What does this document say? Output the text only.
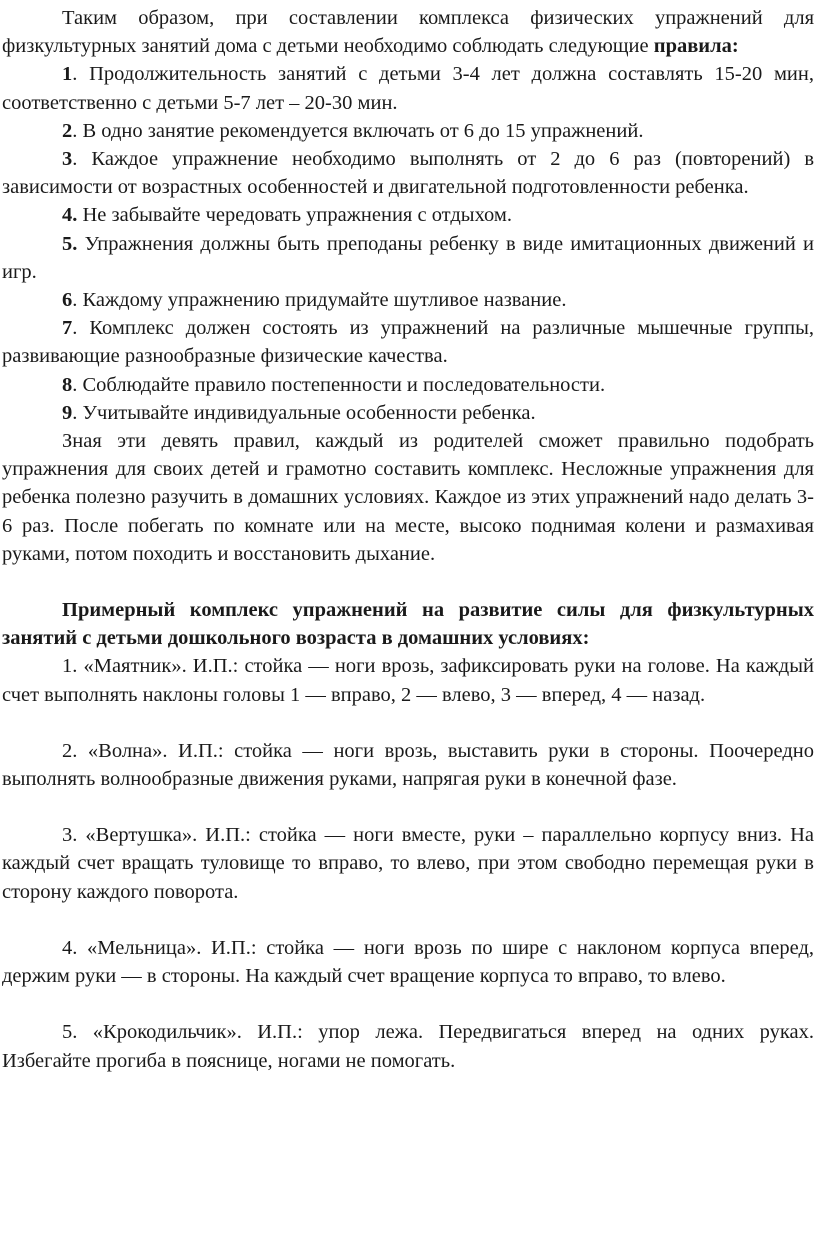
Таким образом, при составлении комплекса физических упражнений для физкультурных занятий дома с детьми необходимо соблюдать следующие правила:

1. Продолжительность занятий с детьми 3-4 лет должна составлять 15-20 мин, соответственно с детьми 5-7 лет – 20-30 мин.

2. В одно занятие рекомендуется включать от 6 до 15 упражнений.

3. Каждое упражнение необходимо выполнять от 2 до 6 раз (повторений) в зависимости от возрастных особенностей и двигательной подготовленности ребенка.

4. Не забывайте чередовать упражнения с отдыхом.

5. Упражнения должны быть преподаны ребенку в виде имитационных движений и игр.

6. Каждому упражнению придумайте шутливое название.

7. Комплекс должен состоять из упражнений на различные мышечные группы, развивающие разнообразные физические качества.

8. Соблюдайте правило постепенности и последовательности.

9. Учитывайте индивидуальные особенности ребенка.

Зная эти девять правил, каждый из родителей сможет правильно подобрать упражнения для своих детей и грамотно составить комплекс. Несложные упражнения для ребенка полезно разучить в домашних условиях. Каждое из этих упражнений надо делать 3-6 раз. После побегать по комнате или на месте, высоко поднимая колени и размахивая руками, потом походить и восстановить дыхание.

Примерный комплекс упражнений на развитие силы для физкультурных занятий с детьми дошкольного возраста в домашних условиях:

1. «Маятник». И.П.: стойка — ноги врозь, зафиксировать руки на голове. На каждый счет выполнять наклоны головы 1 — вправо, 2 — влево, 3 — вперед, 4 — назад.

2. «Волна». И.П.: стойка — ноги врозь, выставить руки в стороны. Поочередно выполнять волнообразные движения руками, напрягая руки в конечной фазе.

3. «Вертушка». И.П.: стойка — ноги вместе, руки – параллельно корпусу вниз. На каждый счет вращать туловище то вправо, то влево, при этом свободно перемещая руки в сторону каждого поворота.

4. «Мельница». И.П.: стойка — ноги врозь по шире с наклоном корпуса вперед, держим руки — в стороны. На каждый счет вращение корпуса то вправо, то влево.

5. «Крокодильчик». И.П.: упор лежа. Передвигаться вперед на одних руках. Избегайте прогиба в пояснице, ногами не помогать.
